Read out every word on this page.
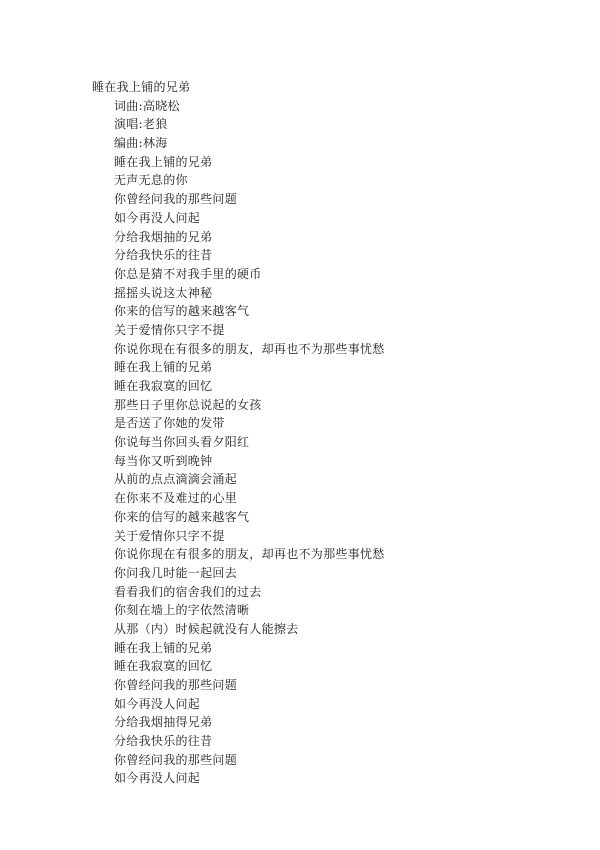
睡在我上铺的兄弟
词曲:高晓松
演唱:老狼
编曲:林海
睡在我上铺的兄弟
无声无息的你
你曾经问我的那些问题
如今再没人问起
分给我烟抽的兄弟
分给我快乐的往昔
你总是猜不对我手里的硬币
摇摇头说这太神秘
你来的信写的越来越客气
关于爱情你只字不提
你说你现在有很多的朋友，却再也不为那些事忧愁
睡在我上铺的兄弟
睡在我寂寞的回忆
那些日子里你总说起的女孩
是否送了你她的发带
你说每当你回头看夕阳红
每当你又听到晚钟
从前的点点滴滴会涌起
在你来不及难过的心里
你来的信写的越来越客气
关于爱情你只字不提
你说你现在有很多的朋友，却再也不为那些事忧愁
你问我几时能一起回去
看看我们的宿舍我们的过去
你刻在墙上的字依然清晰
从那（内）时候起就没有人能擦去
睡在我上铺的兄弟
睡在我寂寞的回忆
你曾经问我的那些问题
如今再没人问起
分给我烟抽得兄弟
分给我快乐的往昔
你曾经问我的那些问题
如今再没人问起
